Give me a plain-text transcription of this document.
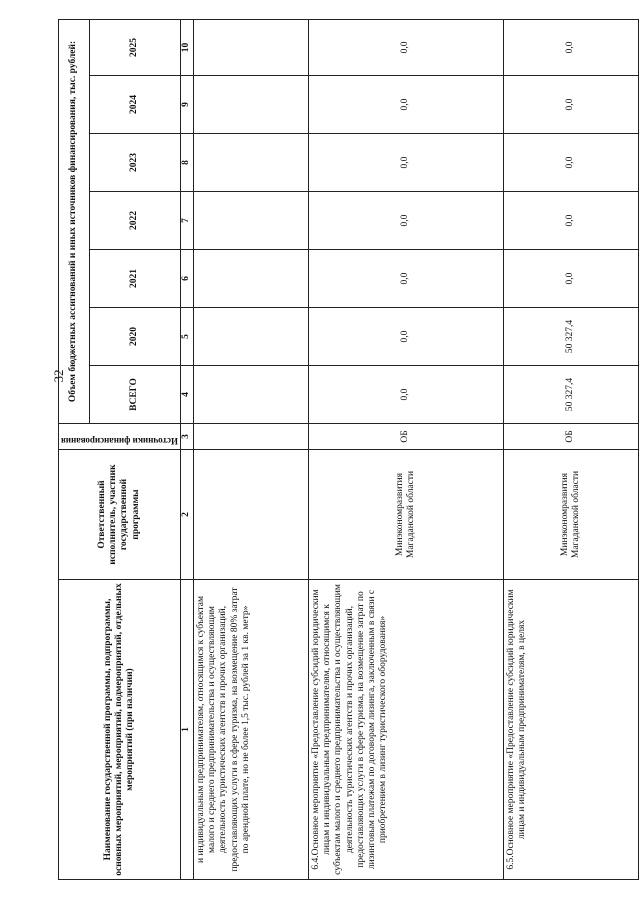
32
Наименование государственной программы, подпрограммы, основных мероприятий, мероприятий, подмероприятий, отдельных мероприятий (при наличии)	Ответственный исполнитель, участник государственной программы	Источники финансирования	Объем бюджетных ассигнований и иных источников финансирования, тыс. рублей:						
			ВСЕГО	2020	2021	2022	2023	2024	2025
1	2	3	4	5	6	7	8	9	10
и индивидуальным предпринимателям, относящимся к субъектам малого и среднего предпринимательства и осуществляющим деятельность туристических агентств и прочих организаций, предоставляющих услуги в сфере туризма, на возмещение 80% затрат по арендной плате, но не более 1,5 тыс. рублей за 1 кв. метр»									
6.4.Основное мероприятие «Предоставление субсидий юридическим лицам и индивидуальным предпринимателям, относящимся к субъектам малого и среднего предпринимательства и осуществляющим деятельность туристических агентств и прочих организаций, предоставляющих услуги в сфере туризма, на возмещение затрат по лизинговым платежам по договорам лизинга, заключенным в связи с приобретением в лизинг туристического оборудования»	Минэкономразвития Магаданской области	ОБ	0,0	0,0	0,0	0,0	0,0	0,0	0,0
6.5.Основное мероприятие «Предоставление субсидий юридическим лицам и индивидуальным предпринимателям, в целях	Минэкономразвития Магаданской области	ОБ	50 327,4	50 327,4	0,0	0,0	0,0	0,0	0,0
